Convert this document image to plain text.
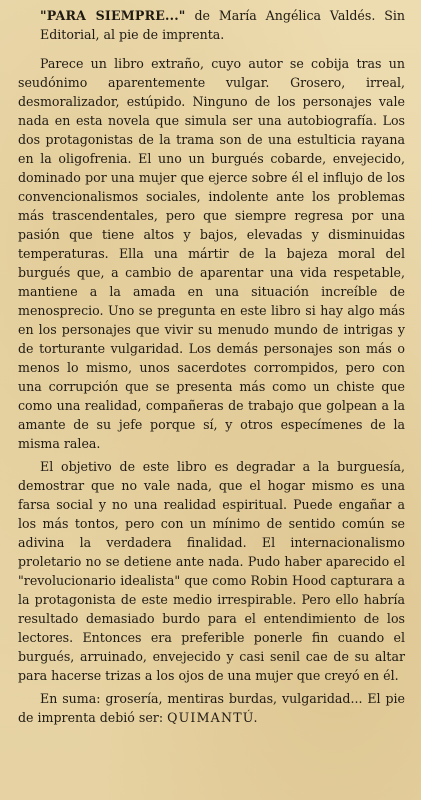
"PARA SIEMPRE..." de María Angélica Valdés. Sin Editorial, al pie de imprenta.

Parece un libro extraño, cuyo autor se cobija tras un seudónimo aparentemente vulgar. Grosero, irreal, desmoralizador, estúpido. Ninguno de los personajes vale nada en esta novela que simula ser una autobiografía. Los dos protagonistas de la trama son de una estulticia rayana en la oligofrenia. El uno un burgués cobarde, envejecido, dominado por una mujer que ejerce sobre él el influjo de los convencionalismos sociales, indolente ante los problemas más trascendentales, pero que siempre regresa por una pasión que tiene altos y bajos, elevadas y disminuidas temperaturas. Ella una mártir de la bajeza moral del burgués que, a cambio de aparentar una vida respetable, mantiene a la amada en una situación increíble de menosprecio. Uno se pregunta en este libro si hay algo más en los personajes que vivir su menudo mundo de intrigas y de torturante vulgaridad. Los demás personajes son más o menos lo mismo, unos sacerdotes corrompidos, pero con una corrupción que se presenta más como un chiste que como una realidad, compañeras de trabajo que golpean a la amante de su jefe porque sí, y otros especímenes de la misma ralea.

El objetivo de este libro es degradar a la burguesía, demostrar que no vale nada, que el hogar mismo es una farsa social y no una realidad espiritual. Puede engañar a los más tontos, pero con un mínimo de sentido común se adivina la verdadera finalidad. El internacionalismo proletario no se detiene ante nada. Pudo haber aparecido el "revolucionario idealista" que como Robin Hood capturara a la protagonista de este medio irrespirable. Pero ello habría resultado demasiado burdo para el entendimiento de los lectores. Entonces era preferible ponerle fin cuando el burgués, arruinado, envejecido y casi senil cae de su altar para hacerse trizas a los ojos de una mujer que creyó en él.

En suma: grosería, mentiras burdas, vulgaridad... El pie de imprenta debió ser: QUIMANTÚ.
